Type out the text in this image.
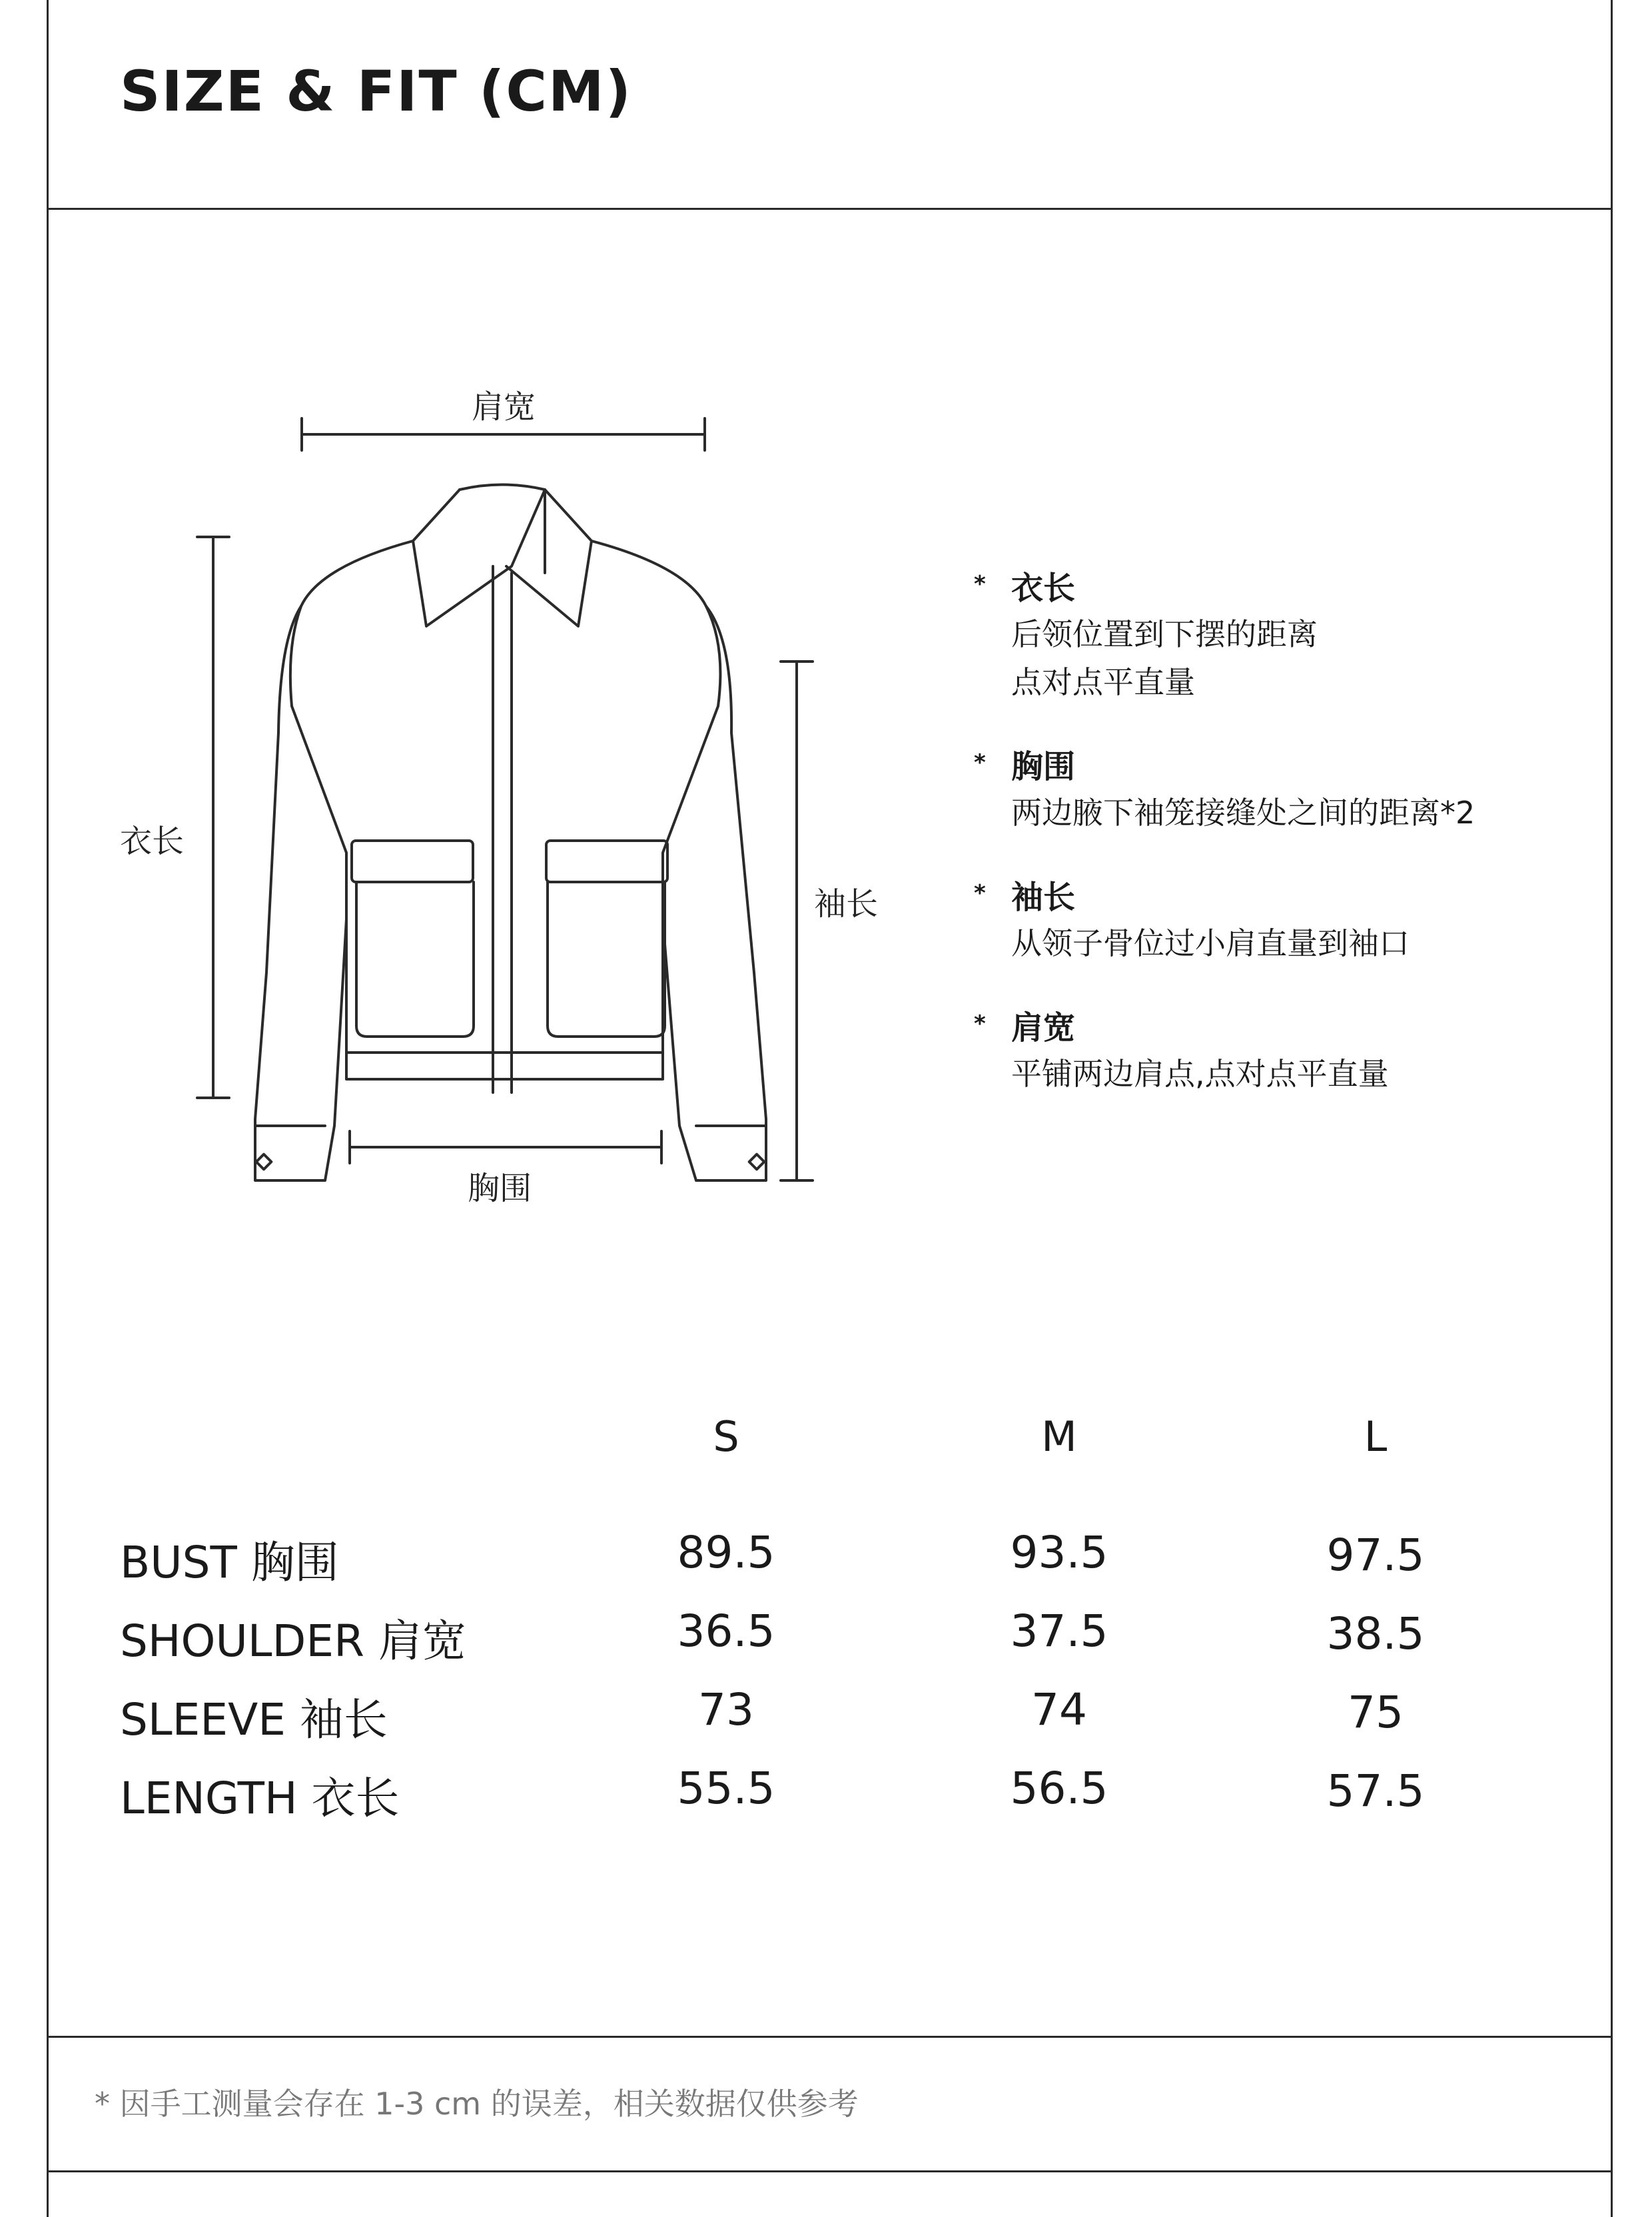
SIZE & FIT (CM)
肩宽
衣长
袖长
胸围
* 衣长
后领位置到下摆的距离
点对点平直量
* 胸围
两边腋下袖笼接缝处之间的距离*2
* 袖长
从领子骨位过小肩直量到袖口
* 肩宽
平铺两边肩点,点对点平直量
S	M	L
BUST 胸围	89.5	93.5	97.5
SHOULDER 肩宽	36.5	37.5	38.5
SLEEVE 袖长	73	74	75
LENGTH 衣长	55.5	56.5	57.5
* 因手工测量会存在 1-3 cm 的误差，相关数据仅供参考
